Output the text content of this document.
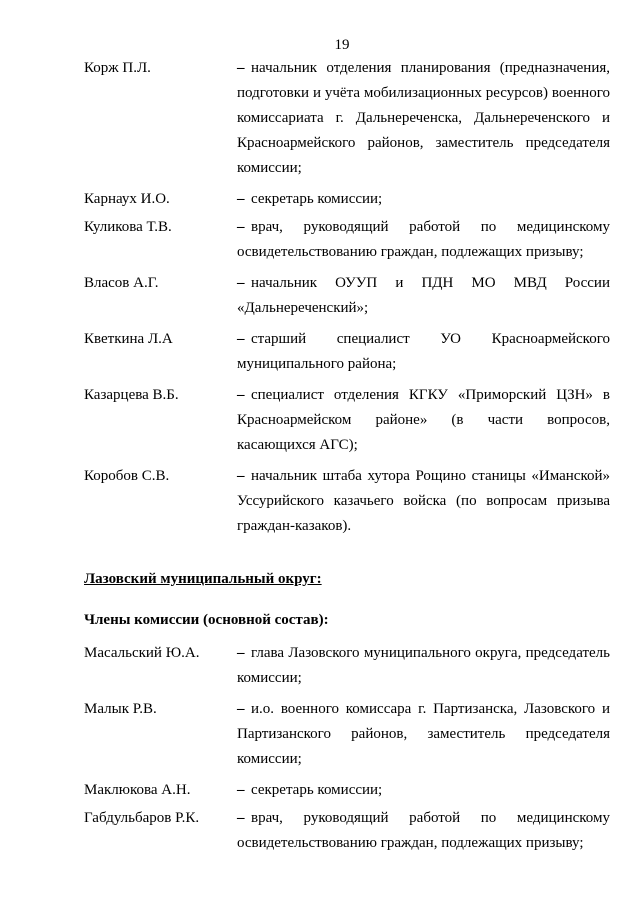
19
Корж П.Л.	– начальник отделения планирования (предназначения, подготовки и учёта мобилизационных ресурсов) военного комиссариата г. Дальнереченска, Дальнереченского и Красноармейского районов, заместитель председателя комиссии;
Карнаух И.О.	– секретарь комиссии;
Куликова Т.В.	– врач, руководящий работой по медицинскому освидетельствованию граждан, подлежащих призыву;
Власов А.Г.	– начальник ОУУП и ПДН МО МВД России «Дальнереченский»;
Кветкина Л.А	– старший специалист УО Красноармейского муниципального района;
Казарцева В.Б.	– специалист отделения КГКУ «Приморский ЦЗН» в Красноармейском районе» (в части вопросов, касающихся АГС);
Коробов С.В.	– начальник штаба хутора Рощино станицы «Иманской» Уссурийского казачьего войска (по вопросам призыва граждан-казаков).
Лазовский муниципальный округ:
Члены комиссии (основной состав):
Масальский Ю.А.	– глава Лазовского муниципального округа, председатель комиссии;
Малык Р.В.	– и.о. военного комиссара г. Партизанска, Лазовского и Партизанского районов, заместитель председателя комиссии;
Маклюкова А.Н.	– секретарь комиссии;
Габдульбаров Р.К.	– врач, руководящий работой по медицинскому освидетельствованию граждан, подлежащих призыву;
